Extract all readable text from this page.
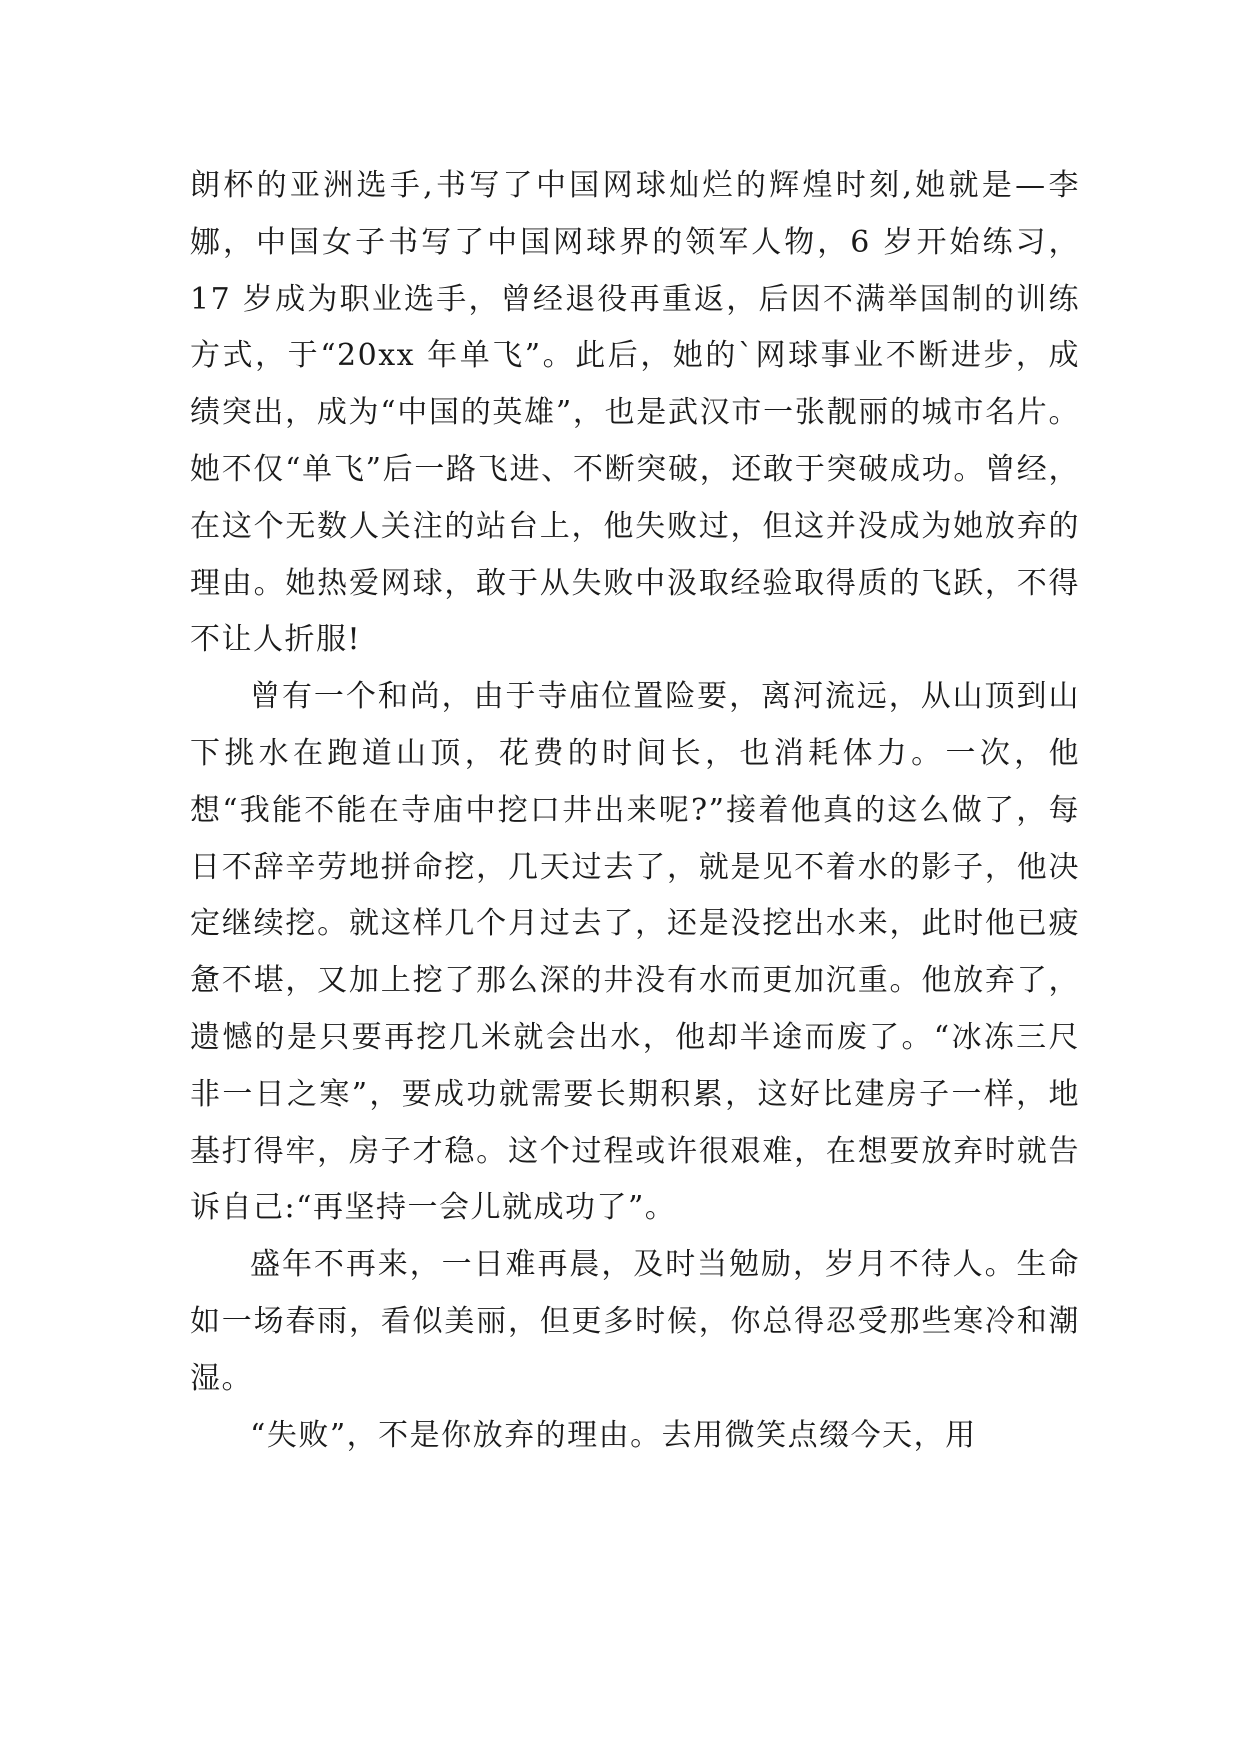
朗杯的亚洲选手,书写了中国网球灿烂的辉煌时刻,她就是—李娜，中国女子书写了中国网球界的领军人物，6 岁开始练习，17 岁成为职业选手，曾经退役再重返，后因不满举国制的训练方式，于“20xx 年单飞”。此后，她的`网球事业不断进步，成绩突出，成为“中国的英雄”，也是武汉市一张靓丽的城市名片。她不仅“单飞”后一路飞进、不断突破，还敢于突破成功。曾经，在这个无数人关注的站台上，他失败过，但这并没成为她放弃的理由。她热爱网球，敢于从失败中汲取经验取得质的飞跃，不得不让人折服!

曾有一个和尚，由于寺庙位置险要，离河流远，从山顶到山下挑水在跑道山顶，花费的时间长，也消耗体力。一次，他想“我能不能在寺庙中挖口井出来呢?”接着他真的这么做了，每日不辞辛劳地拼命挖，几天过去了，就是见不着水的影子，他决定继续挖。就这样几个月过去了，还是没挖出水来，此时他已疲惫不堪，又加上挖了那么深的井没有水而更加沉重。他放弃了，遗憾的是只要再挖几米就会出水，他却半途而废了。“冰冻三尺非一日之寒”，要成功就需要长期积累，这好比建房子一样，地基打得牢，房子才稳。这个过程或许很艰难，在想要放弃时就告诉自己:“再坚持一会儿就成功了”。

盛年不再来，一日难再晨，及时当勉励，岁月不待人。生命如一场春雨，看似美丽，但更多时候，你总得忍受那些寒冷和潮湿。

“失败”，不是你放弃的理由。去用微笑点缀今天，用
